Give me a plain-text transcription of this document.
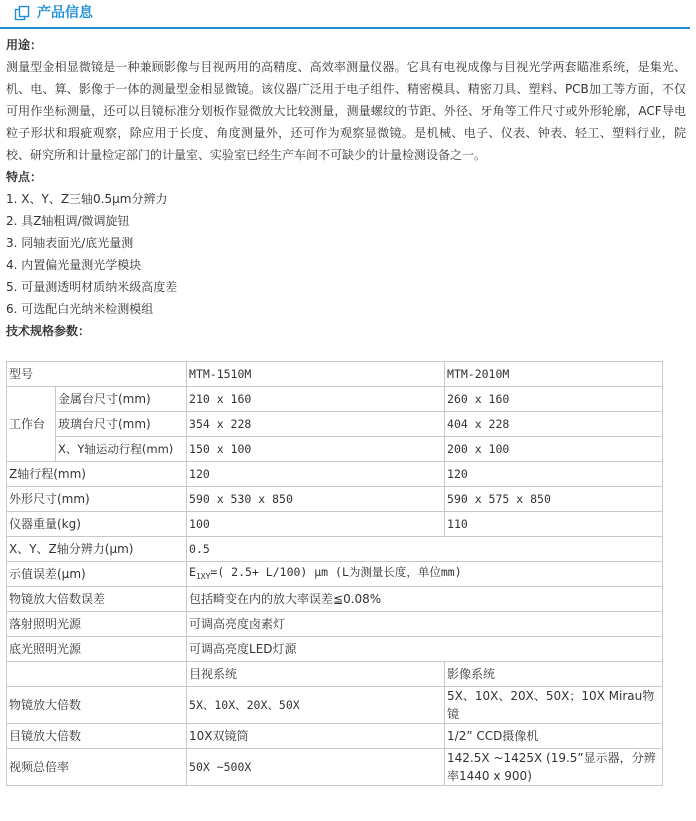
产品信息
用途：
测量型金相显微镜是一种兼顾影像与目视两用的高精度、高效率测量仪器。它具有电视成像与目视光学两套瞄准系统，是集光、机、电、算、影像于一体的测量型金相显微镜。该仪器广泛用于电子组件、精密模具、精密刀具、塑料、PCB加工等方面，不仅可用作坐标测量，还可以目镜标准分划板作显微放大比较测量，测量螺纹的节距、外径、牙角等工件尺寸或外形轮廓，ACF导电粒子形状和瑕疵观察，除应用于长度、角度测量外，还可作为观察显微镜。是机械、电子、仪表、钟表、轻工、塑料行业，院校、研究所和计量检定部门的计量室、实验室已经生产车间不可缺少的计量检测设备之一。
特点：
1. X、Y、Z三轴0.5μm分辨力
2. 具Z轴粗调/微调旋钮
3. 同轴表面光/底光量测
4. 内置偏光量测光学模块
5. 可量测透明材质纳米级高度差
6. 可选配白光纳米检测模组
技术规格参数：
型号		MTM-1510M	MTM-2010M
工作台	金属台尺寸(mm)	210 x 160	260 x 160
	玻璃台尺寸(mm)	354 x 228	404 x 228
	X、Y轴运动行程(mm)	150 x 100	200 x 100
Z轴行程(mm)		120	120
外形尺寸(mm)		590 x 530 x 850	590 x 575 x 850
仪器重量(kg)		100	110
X、Y、Z轴分辨力(μm)		0.5	
示值误差(μm)		$E_{1XY}=$( 2.5+ L/100) μm (L为测量长度，单位mm)	
物镜放大倍数误差		包括畸变在内的放大率误差≦0.08%	
落射照明光源		可调高亮度卤素灯	
底光照明光源		可调高亮度LED灯源	
		目视系统	影像系统
物镜放大倍数		5X、10X、20X、50X	5X、10X、20X、50X；10X Mirau物镜
目镜放大倍数		10X双镜筒	1/2” CCD摄像机
视频总倍率		50X ~500X	142.5X ~1425X (19.5”显示器，分辨率1440 x 900)
